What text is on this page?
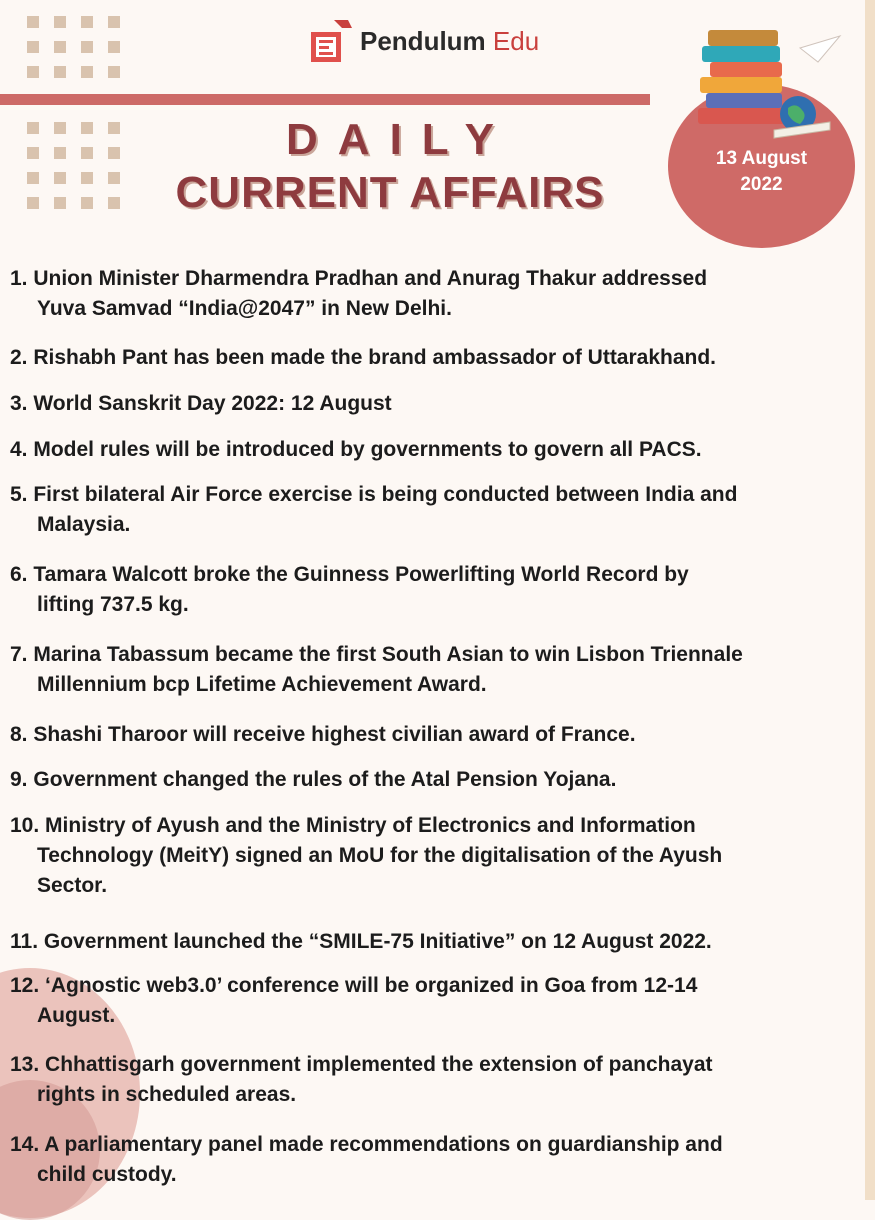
Pendulum Edu
DAILY
CURRENT AFFAIRS
13 August
2022
1. Union Minister Dharmendra Pradhan and Anurag Thakur addressed
Yuva Samvad “India@2047” in New Delhi.
2. Rishabh Pant has been made the brand ambassador of Uttarakhand.
3. World Sanskrit Day 2022: 12 August
4. Model rules will be introduced by governments to govern all PACS.
5. First bilateral Air Force exercise is being conducted between India and
Malaysia.
6. Tamara Walcott broke the Guinness Powerlifting World Record by
lifting 737.5 kg.
7. Marina Tabassum became the first South Asian to win Lisbon Triennale
Millennium bcp Lifetime Achievement Award.
8. Shashi Tharoor will receive highest civilian award of France.
9. Government changed the rules of the Atal Pension Yojana.
10. Ministry of Ayush and the Ministry of Electronics and Information
Technology (MeitY) signed an MoU for the digitalisation of the Ayush
Sector.
11. Government launched the “SMILE-75 Initiative” on 12 August 2022.
12. ‘Agnostic web3.0’ conference will be organized in Goa from 12-14
August.
13. Chhattisgarh government implemented the extension of panchayat
rights in scheduled areas.
14. A parliamentary panel made recommendations on guardianship and
child custody.
